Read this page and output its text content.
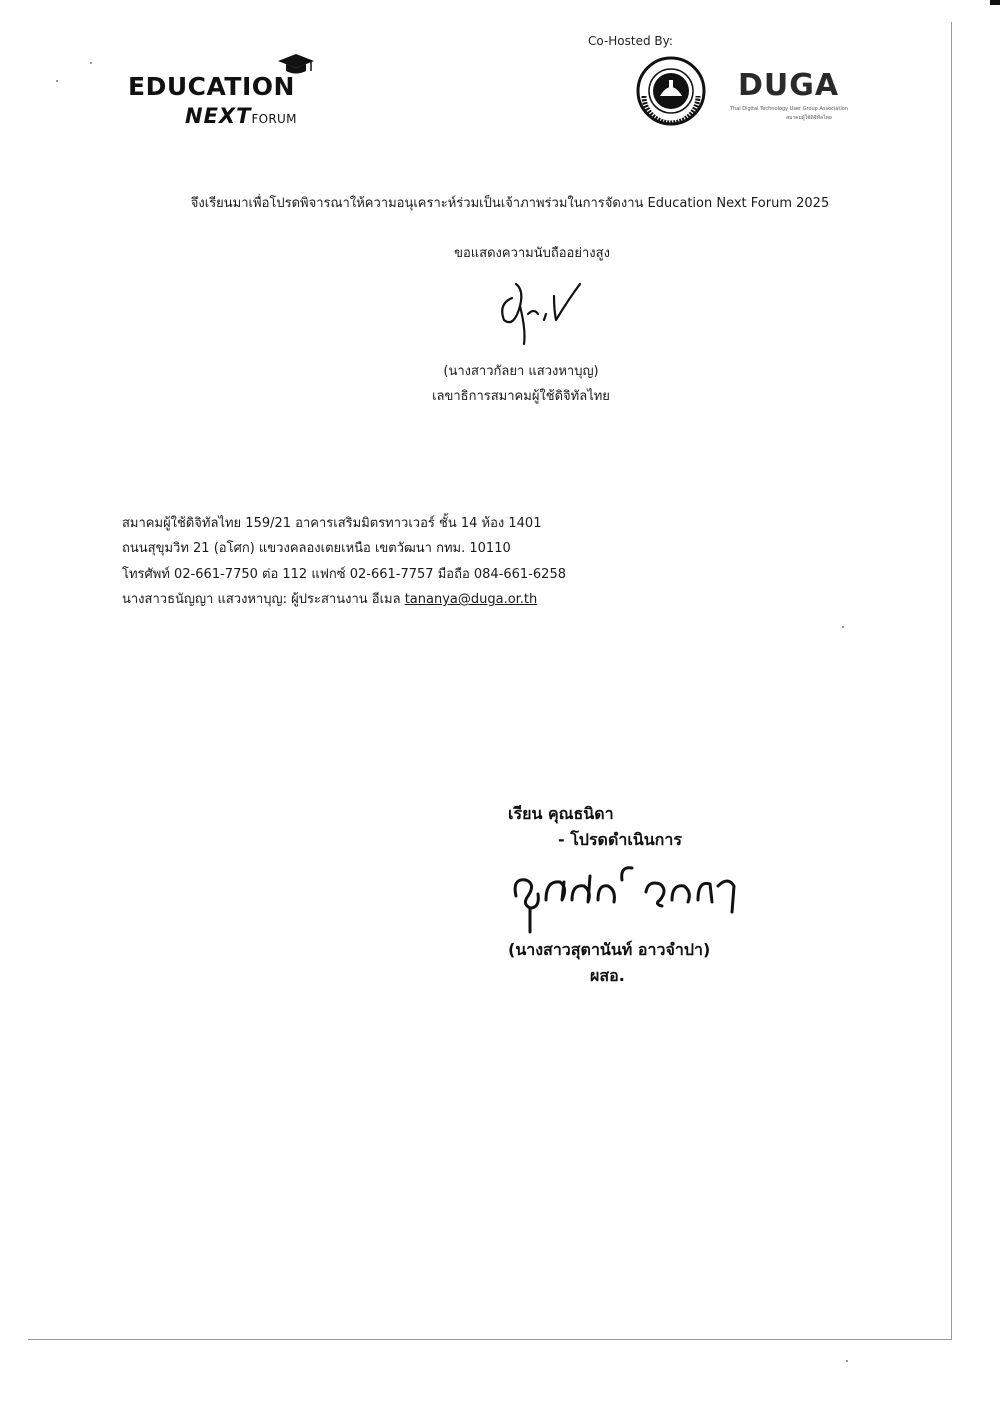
Co-Hosted By:
EDUCATION
NEXTFORUM
DUGA
Thai Digital Technology User Group Association
สมาคมผู้ใช้ดิจิทัลไทย
จึงเรียนมาเพื่อโปรดพิจารณาให้ความอนุเคราะห์ร่วมเป็นเจ้าภาพร่วมในการจัดงาน Education Next Forum 2025
ขอแสดงความนับถืออย่างสูง
(นางสาวกัลยา แสวงหาบุญ)
เลขาธิการสมาคมผู้ใช้ดิจิทัลไทย
สมาคมผู้ใช้ดิจิทัลไทย 159/21 อาคารเสริมมิตรทาวเวอร์ ชั้น 14 ห้อง 1401
ถนนสุขุมวิท 21 (อโศก) แขวงคลองเตยเหนือ เขตวัฒนา กทม. 10110
โทรศัพท์ 02-661-7750 ต่อ 112 แฟกซ์ 02-661-7757 มือถือ 084-661-6258
นางสาวธนัญญา แสวงหาบุญ: ผู้ประสานงาน อีเมล tananya@duga.or.th
เรียน คุณธนิดา
- โปรดดำเนินการ
(นางสาวสุตานันท์ อาวจำปา)
ผสอ.
